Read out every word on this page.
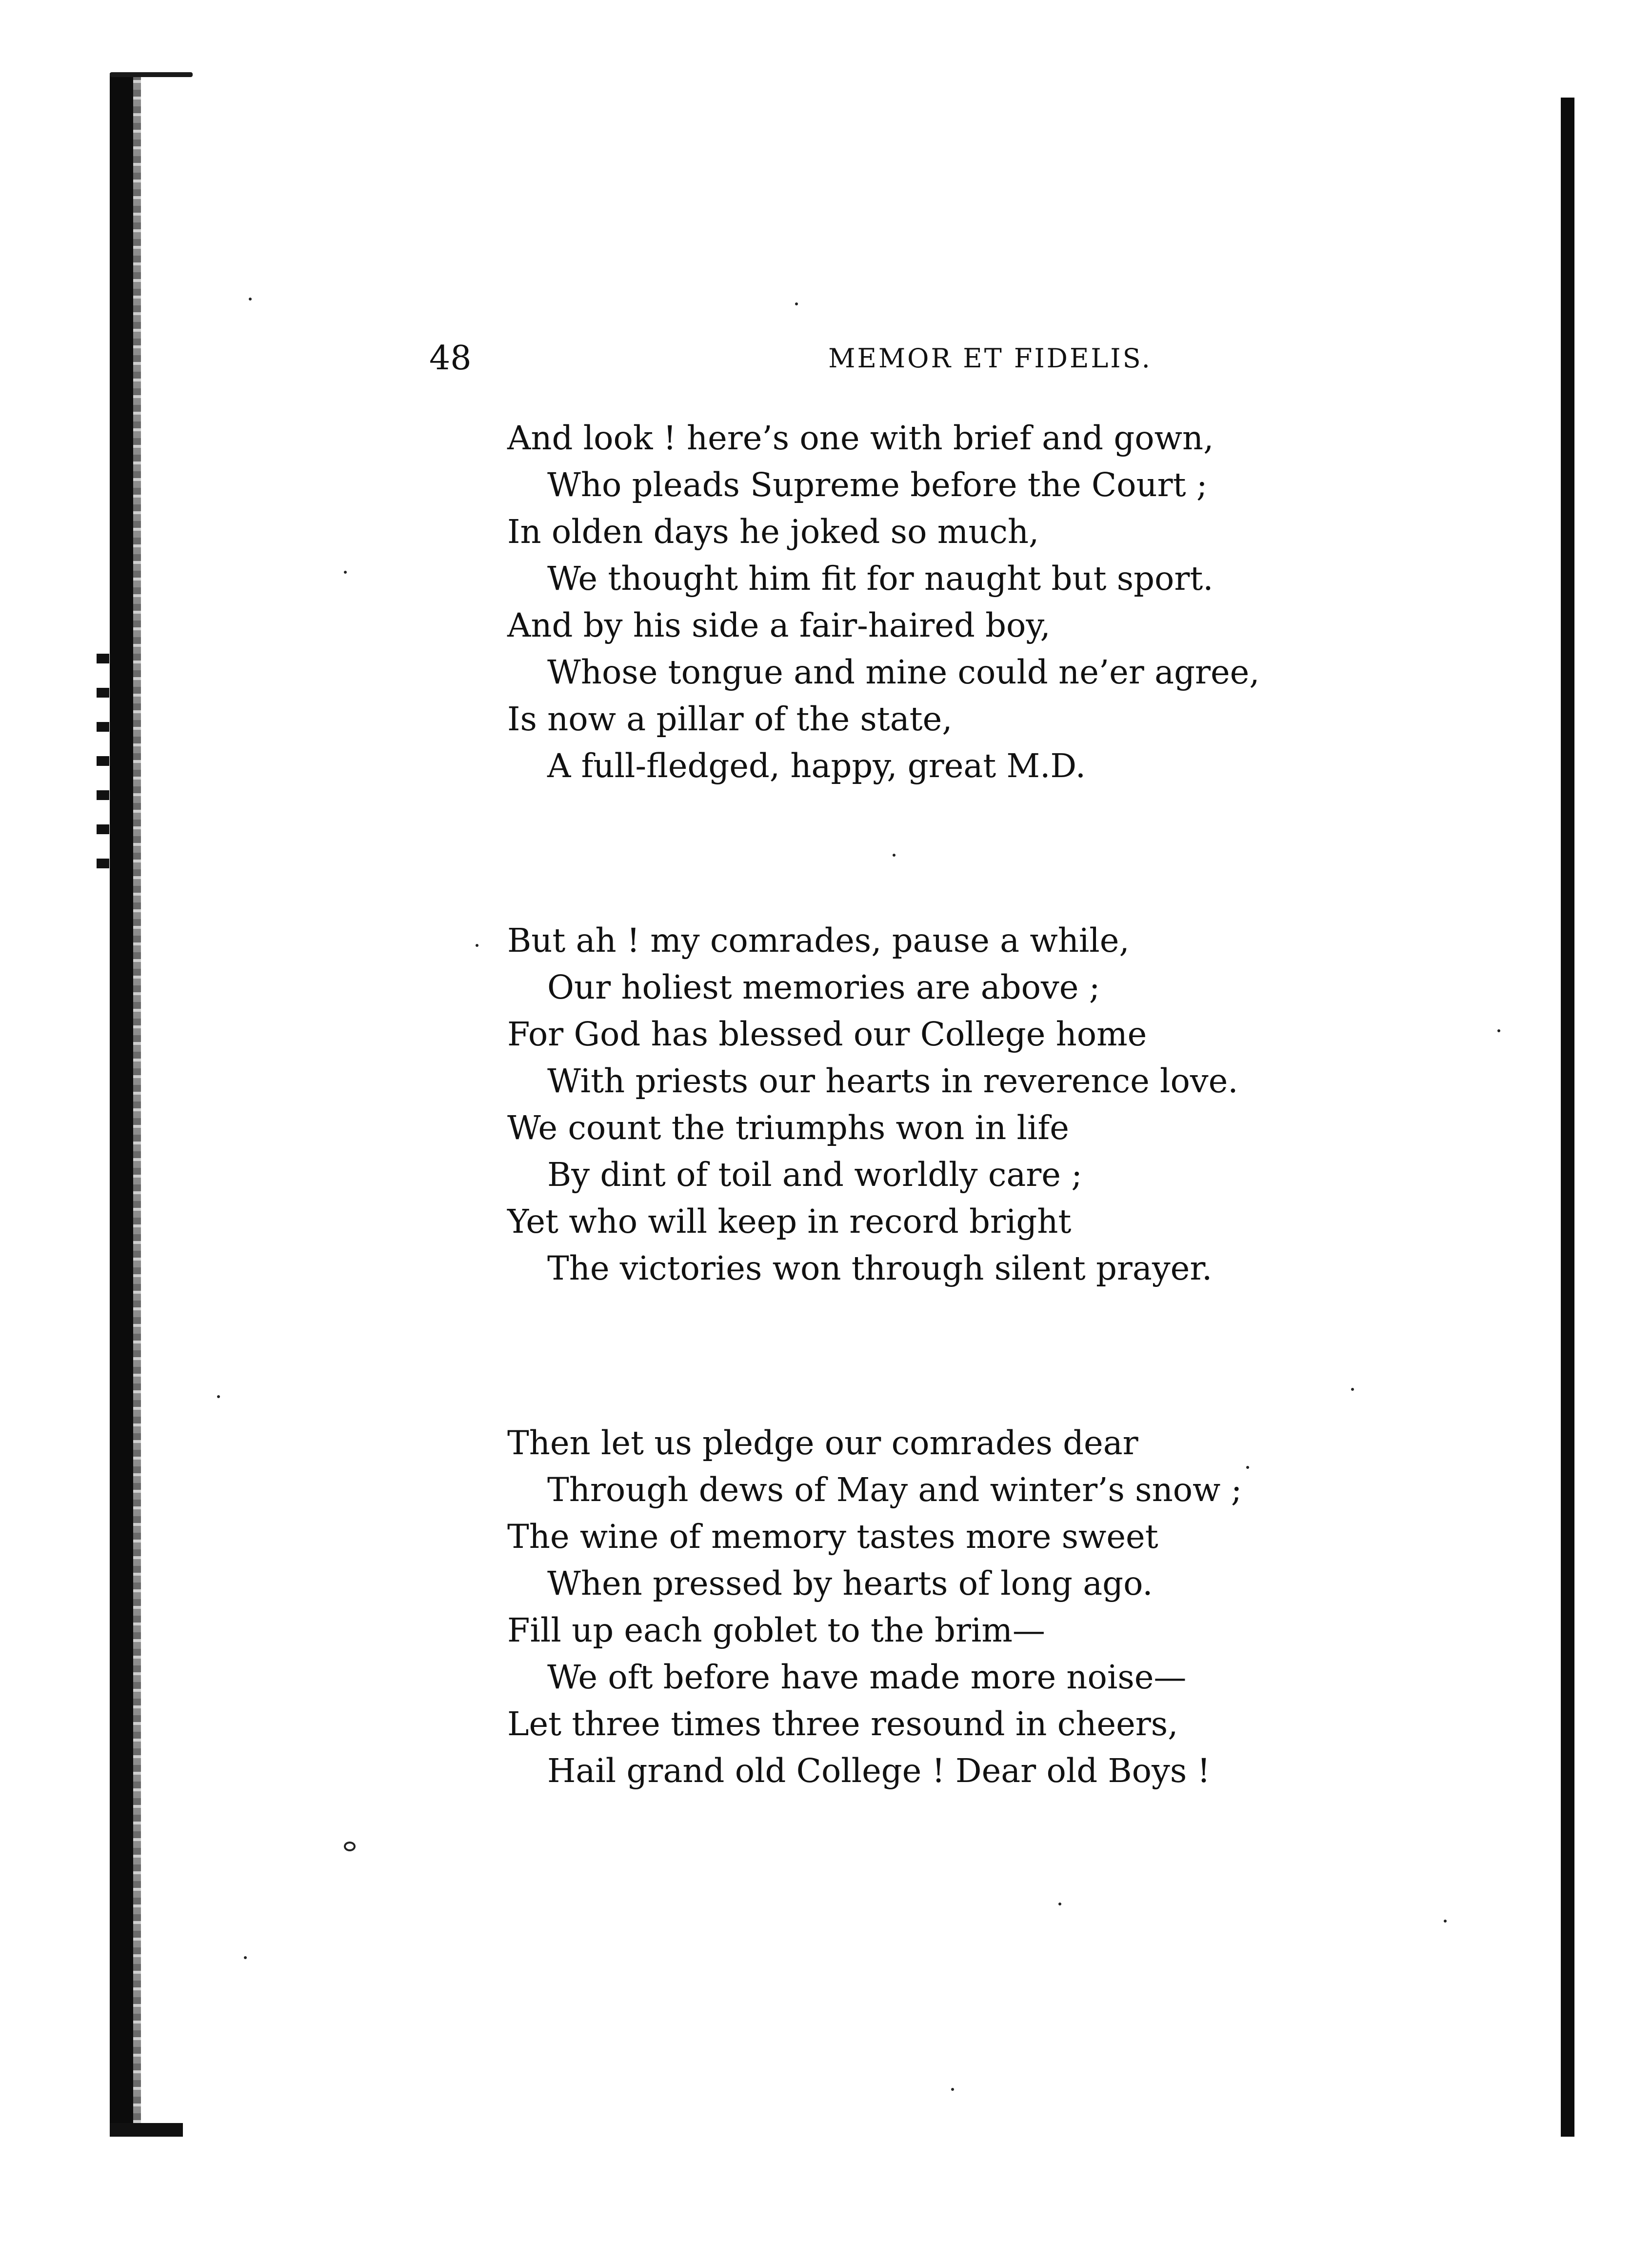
48	MEMOR ET FIDELIS.
And look ! here’s one with brief and gown,
Who pleads Supreme before the Court ;
In olden days he joked so much,
We thought him fit for naught but sport.
And by his side a fair-haired boy,
Whose tongue and mine could ne’er agree,
Is now a pillar of the state,
A full-fledged, happy, great M.D.
But ah ! my comrades, pause a while,
Our holiest memories are above ;
For God has blessed our College home
With priests our hearts in reverence love.
We count the triumphs won in life
By dint of toil and worldly care ;
Yet who will keep in record bright
The victories won through silent prayer.
Then let us pledge our comrades dear
Through dews of May and winter’s snow ;
The wine of memory tastes more sweet
When pressed by hearts of long ago.
Fill up each goblet to the brim—
We oft before have made more noise—
Let three times three resound in cheers,
Hail grand old College ! Dear old Boys !
